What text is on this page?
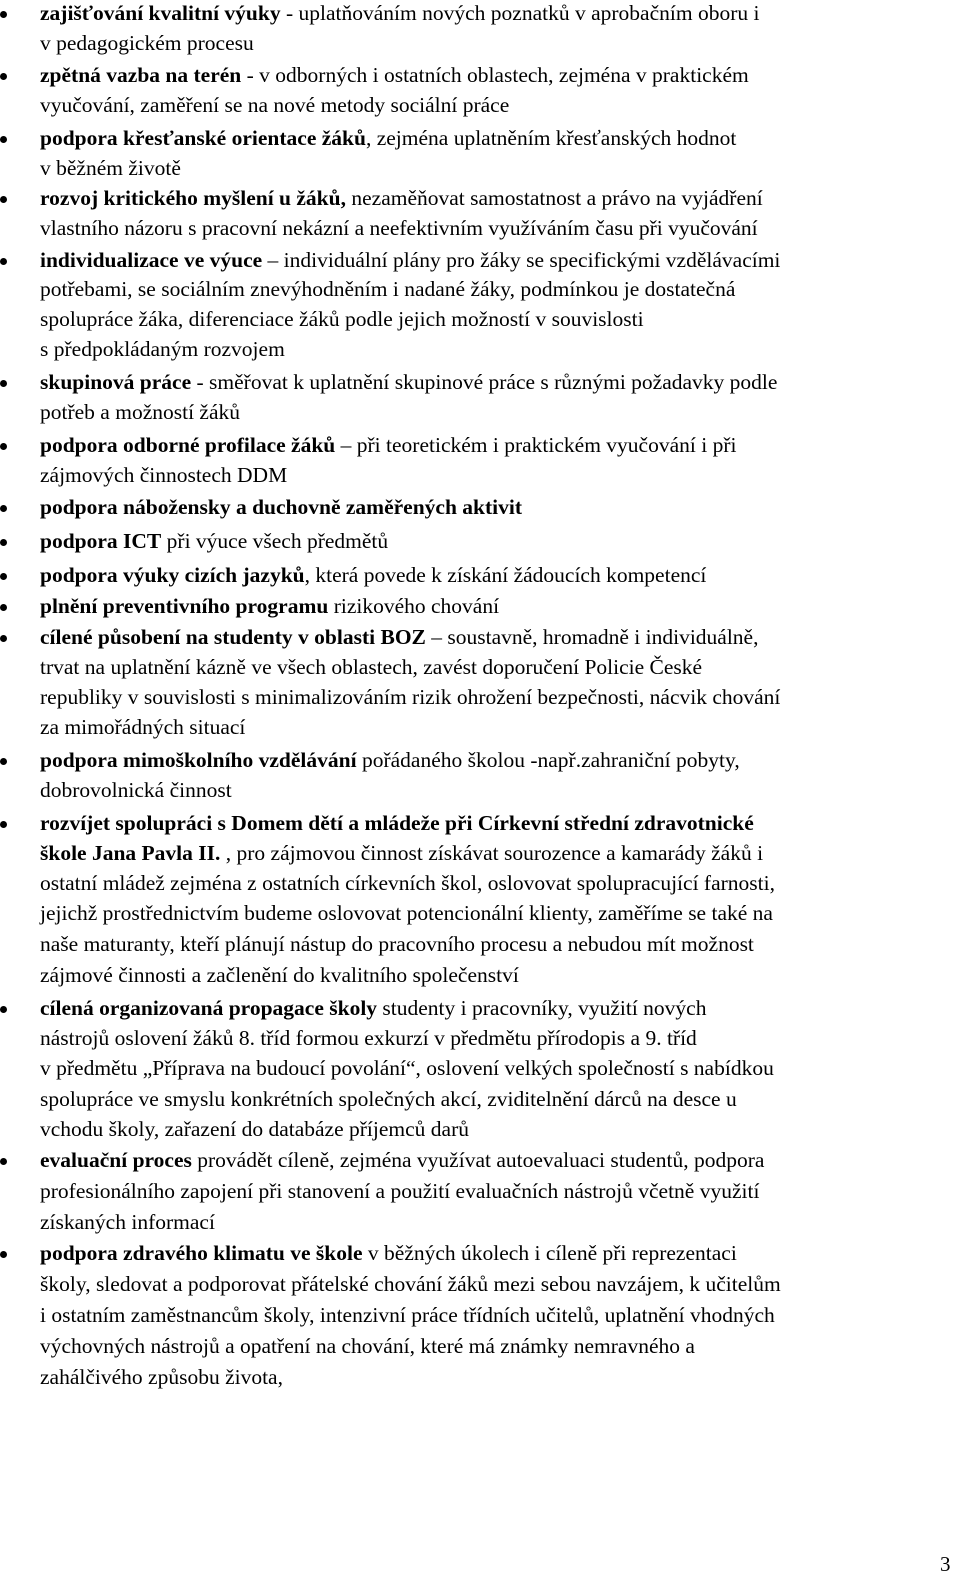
zajišťování kvalitní výuky - uplatňováním nových poznatků v aprobačním oboru i
v pedagogickém procesu
zpětná vazba na terén - v odborných i ostatních oblastech, zejména v praktickém
vyučování, zaměření se na nové metody sociální práce
podpora křesťanské orientace žáků, zejména uplatněním křesťanských hodnot
v běžném životě
rozvoj kritického myšlení u žáků, nezaměňovat samostatnost a právo na vyjádření
vlastního názoru s pracovní nekázní a neefektivním využíváním času při vyučování
individualizace ve výuce – individuální plány pro žáky se specifickými vzdělávacími
potřebami, se sociálním znevýhodněním i nadané žáky, podmínkou je dostatečná
spolupráce žáka, diferenciace žáků podle jejich možností v souvislosti
s předpokládaným rozvojem
skupinová práce - směřovat k uplatnění skupinové práce s různými požadavky podle
potřeb a možností žáků
podpora odborné profilace žáků – při teoretickém i praktickém vyučování i při
zájmových činnostech DDM
podpora nábožensky a duchovně zaměřených aktivit
podpora ICT při výuce všech předmětů
podpora výuky cizích jazyků, která povede k získání žádoucích kompetencí
plnění preventivního programu rizikového chování
cílené působení na studenty v oblasti BOZ – soustavně, hromadně i individuálně,
trvat na uplatnění kázně ve všech oblastech, zavést doporučení Policie České
republiky v souvislosti s minimalizováním rizik ohrožení bezpečnosti, nácvik chování
za mimořádných situací
podpora mimoškolního vzdělávání pořádaného školou -např.zahraniční pobyty,
dobrovolnická činnost
rozvíjet spolupráci s Domem dětí a mládeže při Církevní střední zdravotnické
škole Jana Pavla II. , pro zájmovou činnost získávat sourozence a kamarády žáků i
ostatní mládež zejména z ostatních církevních škol, oslovovat spolupracující farnosti,
jejichž prostřednictvím budeme oslovovat potencionální klienty, zaměříme se také na
naše maturanty, kteří plánují nástup do pracovního procesu a nebudou mít možnost
zájmové činnosti a začlenění do kvalitního společenství
cílená organizovaná propagace školy studenty i pracovníky, využití nových
nástrojů oslovení žáků 8. tříd formou exkurzí v předmětu přírodopis a 9. tříd
v předmětu „Příprava na budoucí povolání“, oslovení velkých společností s nabídkou
spolupráce ve smyslu konkrétních společných akcí, zviditelnění dárců na desce u
vchodu školy, zařazení do databáze příjemců darů
evaluační proces provádět cíleně, zejména využívat autoevaluaci studentů, podpora
profesionálního zapojení při stanovení a použití evaluačních nástrojů včetně využití
získaných informací
podpora zdravého klimatu ve škole v běžných úkolech i cíleně při reprezentaci
školy, sledovat a podporovat přátelské chování žáků mezi sebou navzájem, k učitelům
i ostatním zaměstnancům školy, intenzivní práce třídních učitelů, uplatnění vhodných
výchovných nástrojů a opatření na chování, které má známky nemravného a
zahálčivého způsobu života,
3
